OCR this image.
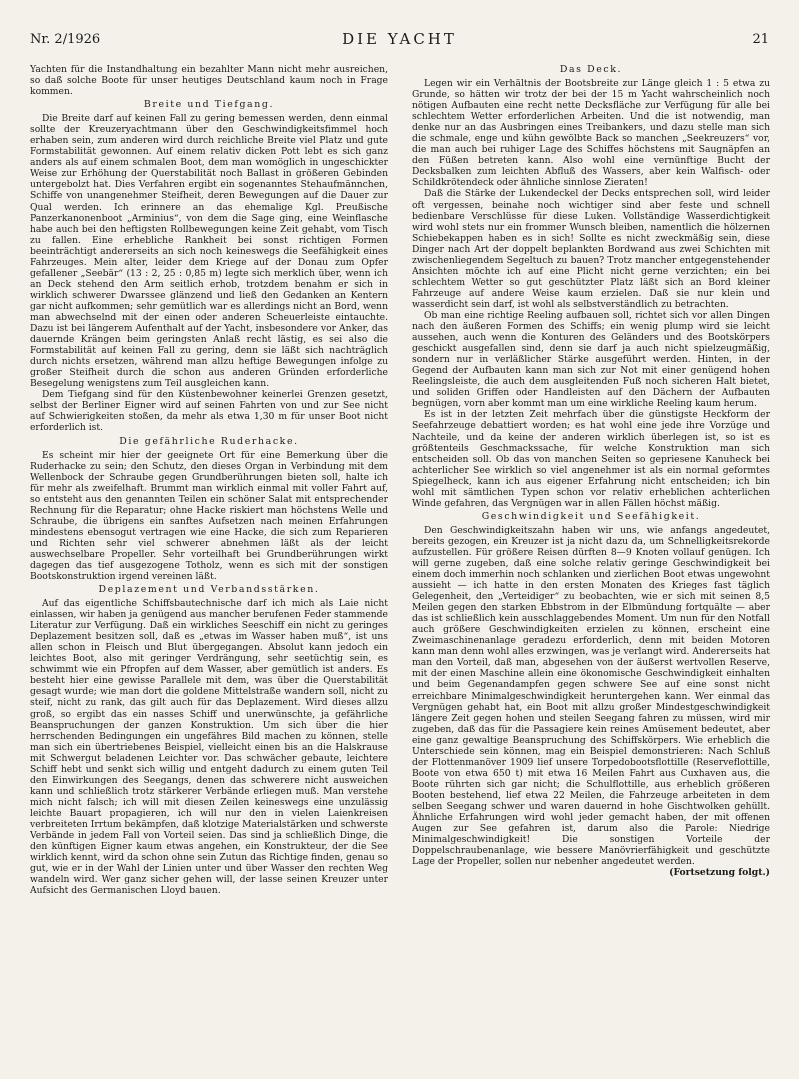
Nr. 2/1926	DIE YACHT	21

Yachten für die Instandhaltung ein bezahlter Mann nicht mehr ausreichen, so daß solche Boote für unser heutiges Deutschland kaum noch in Frage kommen.

Breite und Tiefgang.

Die Breite darf auf keinen Fall zu gering bemessen werden, denn einmal sollte der Kreuzeryachtmann über den Geschwindigkeitsfimmel hoch erhaben sein, zum anderen wird durch reichliche Breite viel Platz und gute Formstabilität gewonnen. Auf einem relativ dicken Pott lebt es sich ganz anders als auf einem schmalen Boot, dem man womöglich in ungeschickter Weise zur Erhöhung der Querstabilität noch Ballast in größeren Gebinden untergebolzt hat. Dies Verfahren ergibt ein sogenanntes Stehaufmännchen, Schiffe von unangenehmer Steifheit, deren Bewegungen auf die Dauer zur Qual werden. Ich erinnere an das ehemalige Kgl. Preußische Panzerkanonenboot „Arminius“, von dem die Sage ging, eine Weinflasche habe auch bei den heftigsten Rollbewegungen keine Zeit gehabt, vom Tisch zu fallen. Eine erhebliche Rankheit bei sonst richtigen Formen beeinträchtigt andererseits an sich noch keineswegs die Seefähigkeit eines Fahrzeuges. Mein alter, leider dem Kriege auf der Donau zum Opfer gefallener „Seebär“ (13 : 2, 25 : 0,85 m) legte sich merklich über, wenn ich an Deck stehend den Arm seitlich erhob, trotzdem benahm er sich in wirklich schwerer Dwarssee glänzend und ließ den Gedanken an Kentern gar nicht aufkommen; sehr gemütlich war es allerdings nicht an Bord, wenn man abwechselnd mit der einen oder anderen Scheuerleiste eintauchte. Dazu ist bei längerem Aufenthalt auf der Yacht, insbesondere vor Anker, das dauernde Krängen beim geringsten Anlaß recht lästig, es sei also die Formstabilität auf keinen Fall zu gering, denn sie läßt sich nachträglich durch nichts ersetzen, während man allzu heftige Bewegungen infolge zu großer Steifheit durch die schon aus anderen Gründen erforderliche Besegelung wenigstens zum Teil ausgleichen kann.

Dem Tiefgang sind für den Küstenbewohner keinerlei Grenzen gesetzt, selbst der Berliner Eigner wird auf seinen Fahrten von und zur See nicht auf Schwierigkeiten stoßen, da mehr als etwa 1,30 m für unser Boot nicht erforderlich ist.

Die gefährliche Ruderhacke.

Es scheint mir hier der geeignete Ort für eine Bemerkung über die Ruderhacke zu sein; den Schutz, den dieses Organ in Verbindung mit dem Wellenbock der Schraube gegen Grundberührungen bieten soll, halte ich für mehr als zweifelhaft. Brummt man wirklich einmal mit voller Fahrt auf, so entsteht aus den genannten Teilen ein schöner Salat mit entsprechender Rechnung für die Reparatur; ohne Hacke riskiert man höchstens Welle und Schraube, die übrigens ein sanftes Aufsetzen nach meinen Erfahrungen mindestens ebensogut vertragen wie eine Hacke, die sich zum Reparieren und Richten sehr viel schwerer abnehmen läßt als der leicht auswechselbare Propeller. Sehr vorteilhaft bei Grundberührungen wirkt dagegen das tief ausgezogene Totholz, wenn es sich mit der sonstigen Bootskonstruktion irgend vereinen läßt.

Deplazement und Verbandsstärken.

Auf das eigentliche Schiffsbautechnische darf ich mich als Laie nicht einlassen, wir haben ja genügend aus mancher berufenen Feder stammende Literatur zur Verfügung. Daß ein wirkliches Seeschiff ein nicht zu geringes Deplazement besitzen soll, daß es „etwas im Wasser haben muß“, ist uns allen schon in Fleisch und Blut übergegangen. Absolut kann jedoch ein leichtes Boot, also mit geringer Verdrängung, sehr seetüchtig sein, es schwimmt wie ein Pfropfen auf dem Wasser, aber gemütlich ist anders. Es besteht hier eine gewisse Parallele mit dem, was über die Querstabilität gesagt wurde; wie man dort die goldene Mittelstraße wandern soll, nicht zu steif, nicht zu rank, das gilt auch für das Deplazement. Wird dieses allzu groß, so ergibt das ein nasses Schiff und unerwünschte, ja gefährliche Beanspruchungen der ganzen Konstruktion. Um sich über die hier herrschenden Bedingungen ein ungefähres Bild machen zu können, stelle man sich ein übertriebenes Beispiel, vielleicht einen bis an die Halskrause mit Schwergut beladenen Leichter vor. Das schwächer gebaute, leichtere Schiff hebt und senkt sich willig und entgeht dadurch zu einem guten Teil den Einwirkungen des Seegangs, denen das schwerere nicht ausweichen kann und schließlich trotz stärkerer Verbände erliegen muß. Man verstehe mich nicht falsch; ich will mit diesen Zeilen keineswegs eine unzulässig leichte Bauart propagieren, ich will nur den in vielen Laienkreisen verbreiteten Irrtum bekämpfen, daß klotzige Materialstärken und schwerste Verbände in jedem Fall von Vorteil seien. Das sind ja schließlich Dinge, die den künftigen Eigner kaum etwas angehen, ein Konstrukteur, der die See wirklich kennt, wird da schon ohne sein Zutun das Richtige finden, genau so gut, wie er in der Wahl der Linien unter und über Wasser den rechten Weg wandeln wird. Wer ganz sicher gehen will, der lasse seinen Kreuzer unter Aufsicht des Germanischen Lloyd bauen.

Das Deck.

Legen wir ein Verhältnis der Bootsbreite zur Länge gleich 1 : 5 etwa zu Grunde, so hätten wir trotz der bei der 15 m Yacht wahrscheinlich noch nötigen Aufbauten eine recht nette Decksfläche zur Verfügung für alle bei schlechtem Wetter erforderlichen Arbeiten. Und die ist notwendig, man denke nur an das Ausbringen eines Treibankers, und dazu stelle man sich die schmale, enge und kühn gewölbte Back so manchen „Seekreuzers“ vor, die man auch bei ruhiger Lage des Schiffes höchstens mit Saugnäpfen an den Füßen betreten kann. Also wohl eine vernünftige Bucht der Decksbalken zum leichten Abfluß des Wassers, aber kein Walfisch- oder Schildkrötendeck oder ähnliche sinnlose Zieraten!

Daß die Stärke der Lukendeckel der Decks entsprechen soll, wird leider oft vergessen, beinahe noch wichtiger sind aber feste und schnell bedienbare Verschlüsse für diese Luken. Vollständige Wasserdichtigkeit wird wohl stets nur ein frommer Wunsch bleiben, namentlich die hölzernen Schiebekappen haben es in sich! Sollte es nicht zweckmäßig sein, diese Dinger nach Art der doppelt beplankten Bordwand aus zwei Schichten mit zwischenliegendem Segeltuch zu bauen? Trotz mancher entgegenstehender Ansichten möchte ich auf eine Plicht nicht gerne verzichten; ein bei schlechtem Wetter so gut geschützter Platz läßt sich an Bord kleiner Fahrzeuge auf andere Weise kaum erzielen. Daß sie nur klein und wasserdicht sein darf, ist wohl als selbstverständlich zu betrachten.

Ob man eine richtige Reeling aufbauen soll, richtet sich vor allen Dingen nach den äußeren Formen des Schiffs; ein wenig plump wird sie leicht aussehen, auch wenn die Konturen des Geländers und des Bootskörpers geschickt ausgefallen sind, denn sie darf ja auch nicht spielzeugmäßig, sondern nur in verläßlicher Stärke ausgeführt werden. Hinten, in der Gegend der Aufbauten kann man sich zur Not mit einer genügend hohen Reelingsleiste, die auch dem ausgleitenden Fuß noch sicheren Halt bietet, und soliden Griffen oder Handleisten auf den Dächern der Aufbauten begnügen, vorn aber kommt man um eine wirkliche Reeling kaum herum.

Es ist in der letzten Zeit mehrfach über die günstigste Heckform der Seefahrzeuge debattiert worden; es hat wohl eine jede ihre Vorzüge und Nachteile, und da keine der anderen wirklich überlegen ist, so ist es größtenteils Geschmackssache, für welche Konstruktion man sich entscheiden soll. Ob das von manchen Seiten so gepriesene Kanuheck bei achterlicher See wirklich so viel angenehmer ist als ein normal geformtes Spiegelheck, kann ich aus eigener Erfahrung nicht entscheiden; ich bin wohl mit sämtlichen Typen schon vor relativ erheblichen achterlichen Winde gefahren, das Vergnügen war in allen Fällen höchst mäßig.

Geschwindigkeit und Seefähigkeit.

Den Geschwindigkeitszahn haben wir uns, wie anfangs angedeutet, bereits gezogen, ein Kreuzer ist ja nicht dazu da, um Schnelligkeitsrekorde aufzustellen. Für größere Reisen dürften 8—9 Knoten vollauf genügen. Ich will gerne zugeben, daß eine solche relativ geringe Geschwindigkeit bei einem doch immerhin noch schlanken und zierlichen Boot etwas ungewohnt aussieht — ich hatte in den ersten Monaten des Krieges fast täglich Gelegenheit, den „Verteidiger“ zu beobachten, wie er sich mit seinen 8,5 Meilen gegen den starken Ebbstrom in der Elbmündung fortquälte — aber das ist schließlich kein ausschlaggebendes Moment. Um nun für den Notfall auch größere Geschwindigkeiten erzielen zu können, erscheint eine Zweimaschinenanlage geradezu erforderlich, denn mit beiden Motoren kann man denn wohl alles erzwingen, was je verlangt wird. Andererseits hat man den Vorteil, daß man, abgesehen von der äußerst wertvollen Reserve, mit der einen Maschine allein eine ökonomische Geschwindigkeit einhalten und beim Gegenandampfen gegen schwere See auf eine sonst nicht erreichbare Minimalgeschwindigkeit heruntergehen kann. Wer einmal das Vergnügen gehabt hat, ein Boot mit allzu großer Mindestgeschwindigkeit längere Zeit gegen hohen und steilen Seegang fahren zu müssen, wird mir zugeben, daß das für die Passagiere kein reines Amüsement bedeutet, aber eine ganz gewaltige Beanspruchung des Schiffskörpers. Wie erheblich die Unterschiede sein können, mag ein Beispiel demonstrieren: Nach Schluß der Flottenmanöver 1909 lief unsere Torpedobootsflottille (Reserveflottille, Boote von etwa 650 t) mit etwa 16 Meilen Fahrt aus Cuxhaven aus, die Boote rührten sich gar nicht; die Schulflottille, aus erheblich größeren Booten bestehend, lief etwa 22 Meilen, die Fahrzeuge arbeiteten in dem selben Seegang schwer und waren dauernd in hohe Gischtwolken gehüllt. Ähnliche Erfahrungen wird wohl jeder gemacht haben, der mit offenen Augen zur See gefahren ist, darum also die Parole: Niedrige Minimalgeschwindigkeit! Die sonstigen Vorteile der Doppelschraubenanlage, wie bessere Manövrierfähigkeit und geschützte Lage der Propeller, sollen nur nebenher angedeutet werden.

(Fortsetzung folgt.)
